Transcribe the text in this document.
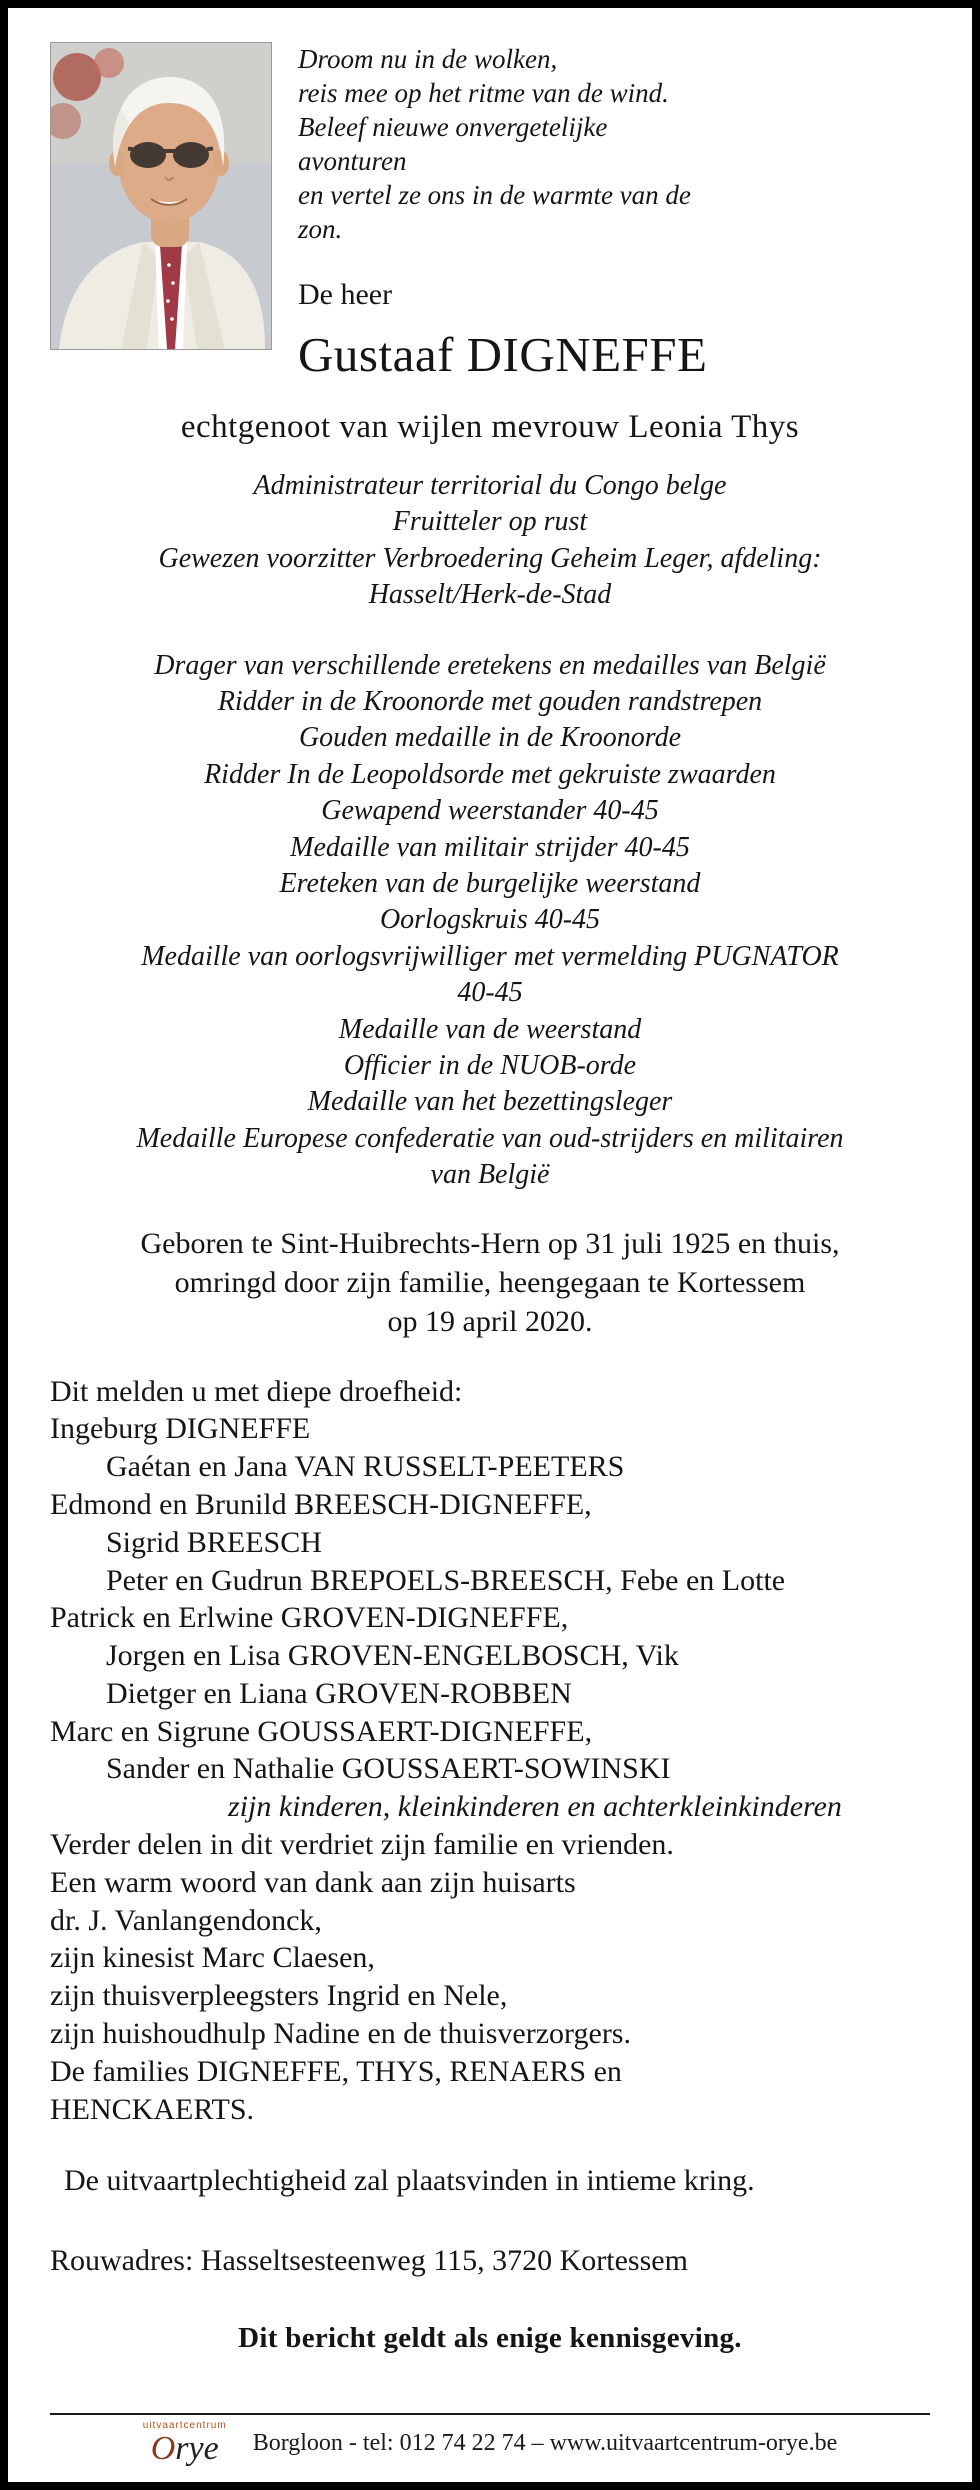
Droom nu in de wolken,
reis mee op het ritme van de wind.
Beleef nieuwe onvergetelijke
avonturen
en vertel ze ons in de warmte van de
zon.
De heer
Gustaaf DIGNEFFE
echtgenoot van wijlen mevrouw Leonia Thys
Administrateur territorial du Congo belge
Fruitteler op rust
Gewezen voorzitter Verbroedering Geheim Leger, afdeling:
Hasselt/Herk-de-Stad
Drager van verschillende eretekens en medailles van België
Ridder in de Kroonorde met gouden randstrepen
Gouden medaille in de Kroonorde
Ridder In de Leopoldsorde met gekruiste zwaarden
Gewapend weerstander 40-45
Medaille van militair strijder 40-45
Ereteken van de burgelijke weerstand
Oorlogskruis 40-45
Medaille van oorlogsvrijwilliger met vermelding PUGNATOR
40-45
Medaille van de weerstand
Officier in de NUOB-orde
Medaille van het bezettingsleger
Medaille Europese confederatie van oud-strijders en militairen
van België
Geboren te Sint-Huibrechts-Hern op 31 juli 1925 en thuis,
omringd door zijn familie, heengegaan te Kortessem
op 19 april 2020.
Dit melden u met diepe droefheid:
Ingeburg DIGNEFFE
Gaétan en Jana VAN RUSSELT-PEETERS
Edmond en Brunild BREESCH-DIGNEFFE,
Sigrid BREESCH
Peter en Gudrun BREPOELS-BREESCH, Febe en Lotte
Patrick en Erlwine GROVEN-DIGNEFFE,
Jorgen en Lisa GROVEN-ENGELBOSCH, Vik
Dietger en Liana GROVEN-ROBBEN
Marc en Sigrune GOUSSAERT-DIGNEFFE,
Sander en Nathalie GOUSSAERT-SOWINSKI
zijn kinderen, kleinkinderen en achterkleinkinderen
Verder delen in dit verdriet zijn familie en vrienden.
Een warm woord van dank aan zijn huisarts
dr. J. Vanlangendonck,
zijn kinesist Marc Claesen,
zijn thuisverpleegsters Ingrid en Nele,
zijn huishoudhulp Nadine en de thuisverzorgers.
De families DIGNEFFE, THYS, RENAERS en
HENCKAERTS.
De uitvaartplechtigheid zal plaatsvinden in intieme kring.
Rouwadres: Hasseltsesteenweg 115, 3720 Kortessem
Dit bericht geldt als enige kennisgeving.
uitvaartcentrum
Orye	Borgloon - tel: 012 74 22 74 – www.uitvaartcentrum-orye.be
